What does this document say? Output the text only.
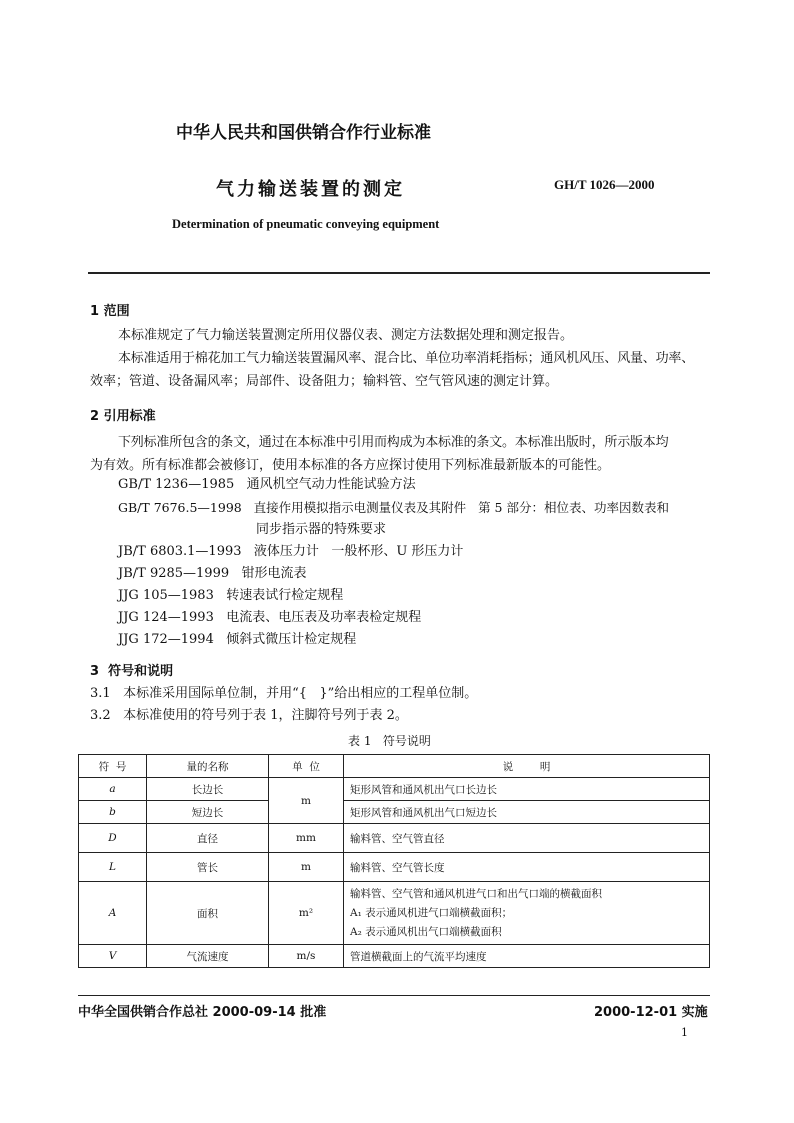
中华人民共和国供销合作行业标准
气力输送装置的测定	GH/T 1026—2000
Determination of pneumatic conveying equipment
1 范围
本标准规定了气力输送装置测定所用仪器仪表、测定方法数据处理和测定报告。
本标准适用于棉花加工气力输送装置漏风率、混合比、单位功率消耗指标；通风机风压、风量、功率、
效率；管道、设备漏风率；局部件、设备阻力；输料管、空气管风速的测定计算。
2 引用标准
下列标准所包含的条文，通过在本标准中引用而构成为本标准的条文。本标准出版时，所示版本均
为有效。所有标准都会被修订，使用本标准的各方应探讨使用下列标准最新版本的可能性。
GB/T 1236—1985   通风机空气动力性能试验方法
GB/T 7676.5—1998   直接作用模拟指示电测量仪表及其附件   第 5 部分：相位表、功率因数表和
同步指示器的特殊要求
JB/T 6803.1—1993   液体压力计   一般杯形、U 形压力计
JB/T 9285—1999   钳形电流表
JJG 105—1983   转速表试行检定规程
JJG 124—1993   电流表、电压表及功率表检定规程
JJG 172—1994   倾斜式微压计检定规程
3  符号和说明
3.1   本标准采用国际单位制，并用“{   }”给出相应的工程单位制。
3.2   本标准使用的符号列于表 1，注脚符号列于表 2。
表 1   符号说明
符  号	量的名称	单  位	说        明
a	长边长	m	矩形风管和通风机出气口长边长
b	短边长		矩形风管和通风机出气口短边长
D	直径	mm	输料管、空气管直径
L	管长	m	输料管、空气管长度
A	面积	m²	输料管、空气管和通风机进气口和出气口端的横截面积
A₁ 表示通风机进气口端横截面积；
A₂ 表示通风机出气口端横截面积

V	气流速度	m/s	管道横截面上的气流平均速度
中华全国供销合作总社 2000-09-14 批准	2000-12-01 实施
1
